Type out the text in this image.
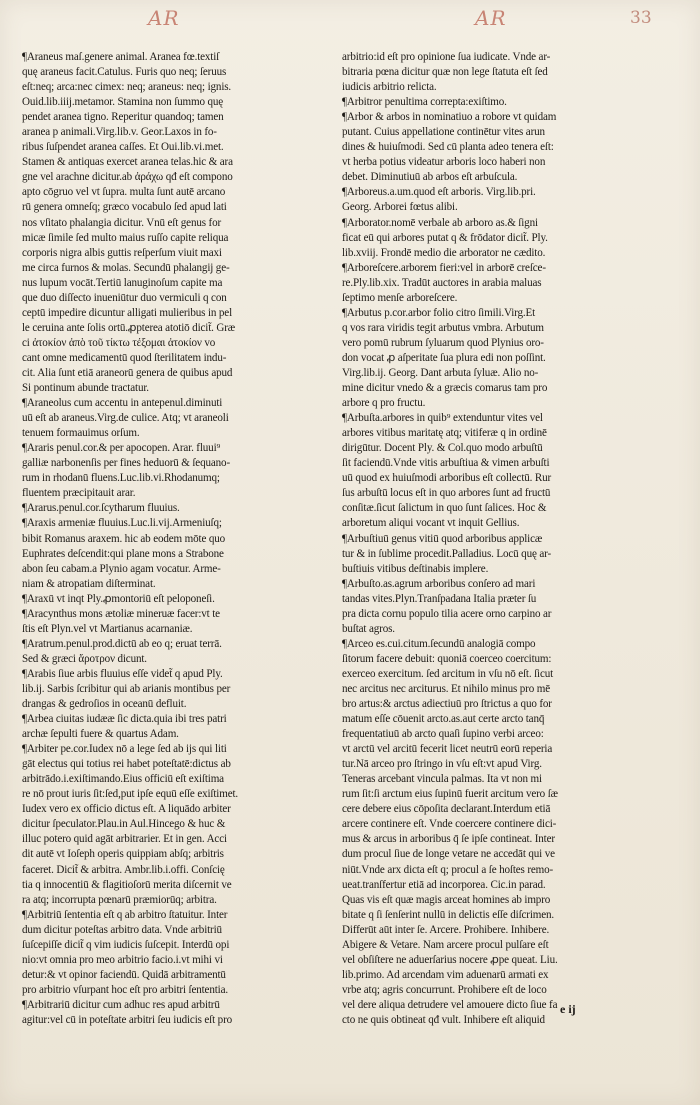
AR	AR	33
¶Araneus maſ.genere animal. Aranea fœ.textiſ
quę araneus facit.Catulus. Furis quo neq; ſeruus
eſt:neq; arca:nec cimex: neq; araneus: neq; ignis.
Ouid.lib.iiij.metamor. Stamina non ſummo quę
pendet aranea tigno. Reperitur quandoq; tamen
aranea p animali.Virg.lib.v. Geor.Laxos in fo-
ribus ſuſpendet aranea caſſes. Et Oui.lib.vi.met.
Stamen & antiquas exercet aranea telas.hic & ara
gne vel arachne dicitur.ab ἀράχω qđ eſt compono
apto cōgruo vel vt ſupra. multa ſunt autē arcano
rū genera omneſq; græco vocabulo ſed apud lati
nos vſitato phalangia dicitur. Vnū eſt genus for
micæ ſimile ſed multo maius ruſſo capite reliqua
corporis nigra albis guttis reſperſum viuit maxi
me circa furnos & molas. Secundū phalangij ge-
nus lupum vocāt.Tertiū lanuginoſum capite ma
que duo diſſecto inueniūtur duo vermiculi q con
ceptū impedire dicuntur alligati mulieribus in pel
le ceruina ante ſolis ortū.ꝓpterea atotiō dicit̃. Græ
ci ἀτοκίον ἀπὸ τοῦ τίκτω τέξομαι ἀτοκίον vo
cant omne medicamentū quod ſterilitatem indu-
cit. Alia ſunt etiā araneorū genera de quibus apud
Si pontinum abunde tractatur.
¶Araneolus cum accentu in antepenul.diminuti
uū eſt ab araneus.Virg.de culice. Atq; vt araneoli
tenuem formauimus orſum.
¶Araris penul.cor.& per apocopen. Arar. fluui⁹
galliæ narbonenſis per fines heduorū & ſequano-
rum in rhodanū fluens.Luc.lib.vi.Rhodanumq;
fluentem præcipitauit arar.
¶Ararus.penul.cor.ſcytharum fluuius.
¶Araxis armeniæ fluuius.Luc.li.vij.Armeniuſq;
bibit Romanus araxem. hic ab eodem mōte quo
Euphrates deſcendit:qui plane mons a Strabone
abon ſeu cabam.a Plynio agam vocatur. Arme-
niam & atropatiam diſterminat.
¶Araxū vt inqt Ply.ꝓmontoriū eſt peloponeſi.
¶Aracynthus mons ætoliæ mineruæ facer:vt te
ſtis eſt Plyn.vel vt Martianus acarnaniæ.
¶Aratrum.penul.prod.dictū ab eo q; eruat terrā.
Sed & græci ἄροτρον dicunt.
¶Arabis ſiue arbis fluuius eſſe videt̃ q apud Ply.
lib.ij. Sarbis ſcribitur qui ab arianis montibus per
drangas & gedroſios in oceanū defluit.
¶Arbea ciuitas iudææ ſic dicta.quia ibi tres patri
archæ ſepulti fuere & quartus Adam.
¶Arbiter pe.cor.Iudex nō a lege ſed ab ijs qui liti
gāt electus qui totius rei habet poteſtatē:dictus ab
arbitrādo.i.exiſtimando.Eius officiū eſt exiſtima
re nō prout iuris ſit:ſed,put ipſe equū eſſe exiſtimet.
Iudex vero ex officio dictus eſt. A liquādo arbiter
dicitur ſpeculator.Plau.in Aul.Hincego & huc &
illuc potero quid agāt arbitrarier. Et in gen. Acci
dit autē vt Ioſeph operis quippiam abſq; arbitris
faceret. Dicit̃ & arbitra. Ambr.lib.i.offi. Conſcię
tia q innocentiū & flagitioſorū merita diſcernit ve
ra atq; incorrupta pœnarū præmiorūq; arbitra.
¶Arbitriū ſententia eſt q ab arbitro ſtatuitur. Inter
dum dicitur poteſtas arbitro data. Vnde arbitriū
ſuſcepiſſe dicit̃ q vim iudicis ſuſcepit. Interdū opi
nio:vt omnia pro meo arbitrio facio.i.vt mihi vi
detur:& vt opinor faciendū. Quidā arbitramentū
pro arbitrio vſurpant hoc eſt pro arbitri ſententia.
¶Arbitrariū dicitur cum adhuc res apud arbitrū
agitur:vel cū in poteſtate arbitri ſeu iudicis eſt pro
arbitrio:id eſt pro opinione ſua iudicate. Vnde ar-
bitraria pœna dicitur quæ non lege ſtatuta eſt ſed
iudicis arbitrio relicta.
¶Arbitror penultima correpta:exiſtimo.
¶Arbor & arbos in nominatiuo a robore vt quidam
putant. Cuius appellatione continētur vites arun
dines & huiuſmodi. Sed cū planta adeo tenera eſt:
vt herba potius videatur arboris loco haberi non
debet. Diminutiuū ab arbos eſt arbuſcula.
¶Arboreus.a.um.quod eſt arboris. Virg.lib.pri.
Georg. Arborei fœtus alibi.
¶Arborator.nomē verbale ab arboro as.& ſigni
ficat eū qui arbores putat q & frōdator dicit̃. Ply.
lib.xviij. Frondē medio die arborator ne cædito.
¶Arboreſcere.arborem fieri:vel in arborē creſce-
re.Ply.lib.xix. Tradūt auctores in arabia maluas
ſeptimo menſe arboreſcere.
¶Arbutus p.cor.arbor folio citro ſimili.Virg.Et
q vos rara viridis tegit arbutus vmbra. Arbutum
vero pomū rubrum ſyluarum quod Plynius oro-
don vocat ꝓ aſperitate ſua plura edi non poſſint.
Virg.lib.ij. Georg. Dant arbuta ſyluæ. Alio no-
mine dicitur vnedo & a græcis comarus tam pro
arbore q pro fructu.
¶Arbuſta.arbores in quib⁹ extenduntur vites vel
arbores vitibus maritatę atq; vitiferæ q in ordinē
dirigūtur. Docent Ply. & Col.quo modo arbuſtū
ſit faciendū.Vnde vitis arbuſtiua & vimen arbuſti
uū quod ex huiuſmodi arboribus eſt collectū. Rur
ſus arbuſtū locus eſt in quo arbores ſunt ad fructū
conſitæ.ſicut ſalictum in quo ſunt ſalices. Hoc &
arboretum aliqui vocant vt inquit Gellius.
¶Arbuſtiuū genus vitiū quod arboribus applicæ
tur & in ſublime procedit.Palladius. Locū quę ar-
buſtiuis vitibus deſtinabis implere.
¶Arbuſto.as.agrum arboribus conſero ad mari
tandas vites.Plyn.Tranſpadana Italia præter ſu
pra dicta cornu populo tilia acere orno carpino ar
buſtat agros.
¶Arceo es.cui.citum.ſecundū analogiā compo
ſitorum facere debuit: quoniā coerceo coercitum:
exerceo exercitum. ſed arcitum in vſu nō eſt. ſicut
nec arcitus nec arciturus. Et nihilo minus pro mē
bro artus:& arctus adiectiuū pro ſtrictus a quo for
matum eſſe cōuenit arcto.as.aut certe arcto tanq̄
frequentatiuū ab arcto quaſi ſupino verbi arceo:
vt arctū vel arcitū fecerit licet neutrū eorū reperia
tur.Nā arceo pro ſtringo in vſu eſt:vt apud Virg.
Teneras arcebant vincula palmas. Ita vt non mi
rum ſit:ſi arctum eius ſupinū fuerit arcitum vero ſæ
cere debere eius cōpoſita declarant.Interdum etiā
arcere continere eſt. Vnde coercere continere dici-
mus & arcus in arboribus q̄ ſe ipſe contineat. Inter
dum procul ſiue de longe vetare ne accedāt qui ve
niūt.Vnde arx dicta eſt q; procul a ſe hoſtes remo-
ueat.tranſfertur etiā ad incorporea. Cic.in parad.
Quas vis eſt quæ magis arceat homines ab impro
bitate q ſi ſenſerint nullū in delictis eſſe diſcrimen.
Differūt aūt inter ſe. Arcere. Prohibere. Inhibere.
Abigere & Vetare. Nam arcere procul pulſare eſt
vel obſiſtere ne aduerſarius nocere ꝓpe queat. Liu.
lib.primo. Ad arcendam vim aduenarū armati ex
vrbe atq; agris concurrunt. Prohibere eſt de loco
vel dere aliqua detrudere vel amouere dicto ſiue fa
cto ne quis obtineat qđ vult. Inhibere eſt aliquid
e ij
